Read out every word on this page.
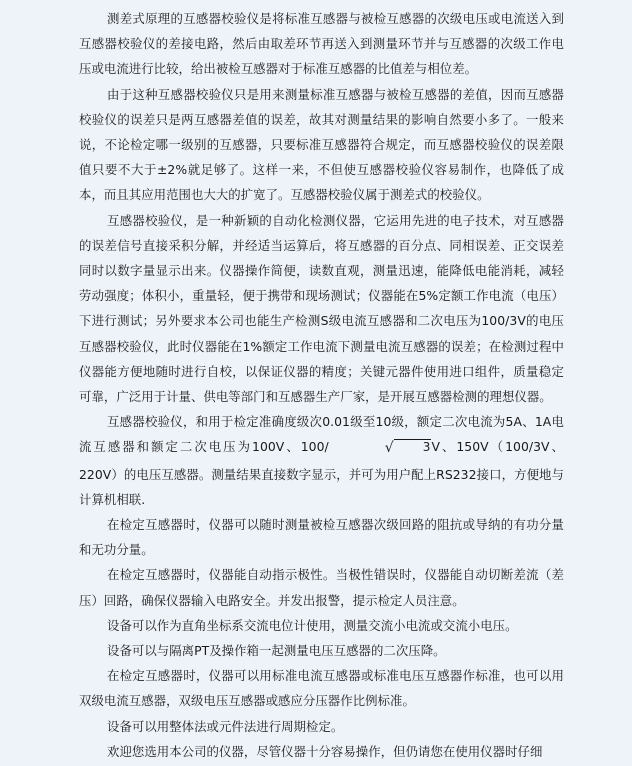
测差式原理的互感器校验仪是将标准互感器与被检互感器的次级电压或电流送入到互感器校验仪的差接电路，然后由取差环节再送入到测量环节并与互感器的次级工作电压或电流进行比较，给出被检互感器对于标准互感器的比值差与相位差。

由于这种互感器校验仪只是用来测量标准互感器与被检互感器的差值，因而互感器校验仪的误差只是两互感器差值的误差，故其对测量结果的影响自然要小多了。一般来说，不论检定哪一级别的互感器，只要标准互感器符合规定，而互感器校验仪的误差限值只要不大于±2%就足够了。这样一来，不但使互感器校验仪容易制作，也降低了成本，而且其应用范围也大大的扩宽了。互感器校验仪属于测差式的校验仪。

互感器校验仪，是一种新颖的自动化检测仪器，它运用先进的电子技术，对互感器的误差信号直接采积分解，并经适当运算后，将互感器的百分点、同相误差、正交误差同时以数字量显示出来。仪器操作简便，读数直观，测量迅速，能降低电能消耗，减轻劳动强度；体积小，重量轻，便于携带和现场测试；仪器能在5%定额工作电流（电压）下进行测试；另外要求本公司也能生产检测S级电流互感器和二次电压为100/3V的电压互感器校验仪，此时仪器能在1%额定工作电流下测量电流互感器的误差；在检测过程中仪器能方便地随时进行自校，以保证仪器的精度；关键元器件使用进口组件，质量稳定可靠，广泛用于计量、供电等部门和互感器生产厂家，是开展互感器检测的理想仪器。

互感器校验仪，和用于检定准确度级次0.01级至10级，额定二次电流为5A、1A电流互感器和额定二次电压为100V、100/	√ 3V、150V（100/3V、220V）的电压互感器。测量结果直接数字显示，并可为用户配上RS232接口，方便地与计算机相联.

在检定互感器时，仪器可以随时测量被检互感器次级回路的阻抗或导纳的有功分量和无功分量。

在检定互感器时，仪器能自动指示极性。当极性错误时，仪器能自动切断差流（差压）回路，确保仪器输入电路安全。并发出报警，提示检定人员注意。

设备可以作为直角坐标系交流电位计使用，测量交流小电流或交流小电压。

设备可以与隔离PT及操作箱一起测量电压互感器的二次压降。

在检定互感器时，仪器可以用标准电流互感器或标准电压互感器作标准，也可以用双级电流互感器，双级电压互感器或感应分压器作比例标准。

设备可以用整体法或元件法进行周期检定。

欢迎您选用本公司的仪器，尽管仪器十分容易操作，但仍请您在使用仪器时仔细
